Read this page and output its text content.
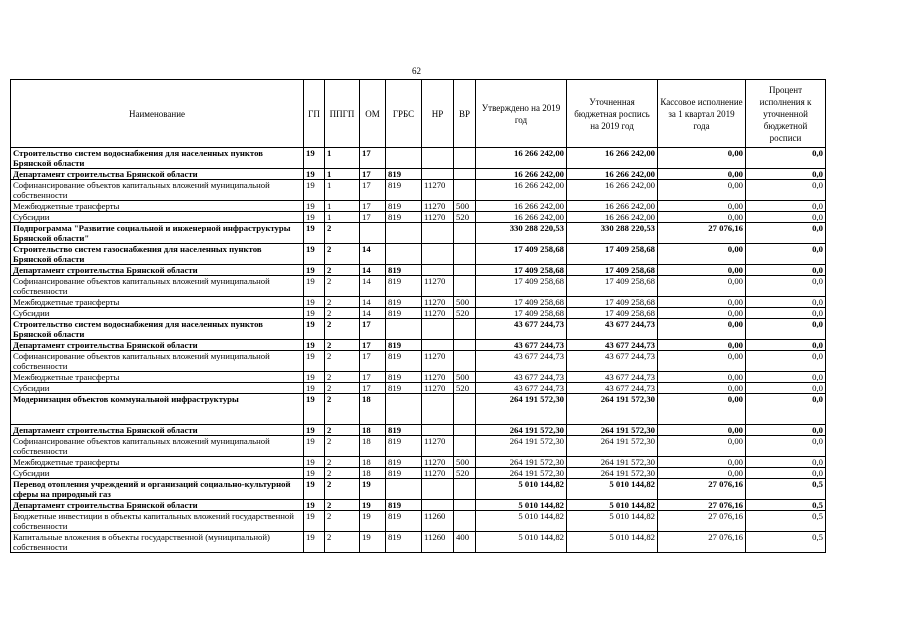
62
Наименование	ГП	ППГП	ОМ	ГРБС	НР	ВР	Утверждено на 2019 год	Уточненная бюджетная роспись на 2019 год	Кассовое исполнение за 1 квартал 2019 года	Процент исполнения к уточненной бюджетной росписи
Строительство систем водоснабжения для населенных пунктов Брянской области	19	1	17				16 266 242,00	16 266 242,00	0,00	0,0
Департамент строительства Брянской области	19	1	17	819			16 266 242,00	16 266 242,00	0,00	0,0
Софинансирование объектов капитальных вложений муниципальной собственности	19	1	17	819	11270		16 266 242,00	16 266 242,00	0,00	0,0
Межбюджетные трансферты	19	1	17	819	11270	500	16 266 242,00	16 266 242,00	0,00	0,0
Субсидии	19	1	17	819	11270	520	16 266 242,00	16 266 242,00	0,00	0,0
Подпрограмма "Развитие социальной и инженерной инфраструктуры Брянской области"	19	2					330 288 220,53	330 288 220,53	27 076,16	0,0
Строительство систем газоснабжения для населенных пунктов Брянской области	19	2	14				17 409 258,68	17 409 258,68	0,00	0,0
Департамент строительства Брянской области	19	2	14	819			17 409 258,68	17 409 258,68	0,00	0,0
Софинансирование объектов капитальных вложений муниципальной собственности	19	2	14	819	11270		17 409 258,68	17 409 258,68	0,00	0,0
Межбюджетные трансферты	19	2	14	819	11270	500	17 409 258,68	17 409 258,68	0,00	0,0
Субсидии	19	2	14	819	11270	520	17 409 258,68	17 409 258,68	0,00	0,0
Строительство систем водоснабжения для населенных пунктов Брянской области	19	2	17				43 677 244,73	43 677 244,73	0,00	0,0
Департамент строительства Брянской области	19	2	17	819			43 677 244,73	43 677 244,73	0,00	0,0
Софинансирование объектов капитальных вложений муниципальной собственности	19	2	17	819	11270		43 677 244,73	43 677 244,73	0,00	0,0
Межбюджетные трансферты	19	2	17	819	11270	500	43 677 244,73	43 677 244,73	0,00	0,0
Субсидии	19	2	17	819	11270	520	43 677 244,73	43 677 244,73	0,00	0,0
Модернизация объектов коммунальной инфраструктуры	19	2	18				264 191 572,30	264 191 572,30	0,00	0,0
Департамент строительства Брянской области	19	2	18	819			264 191 572,30	264 191 572,30	0,00	0,0
Софинансирование объектов капитальных вложений муниципальной собственности	19	2	18	819	11270		264 191 572,30	264 191 572,30	0,00	0,0
Межбюджетные трансферты	19	2	18	819	11270	500	264 191 572,30	264 191 572,30	0,00	0,0
Субсидии	19	2	18	819	11270	520	264 191 572,30	264 191 572,30	0,00	0,0
Перевод отопления учреждений и организаций социально-культурной сферы на природный газ	19	2	19				5 010 144,82	5 010 144,82	27 076,16	0,5
Департамент строительства Брянской области	19	2	19	819			5 010 144,82	5 010 144,82	27 076,16	0,5
Бюджетные инвестиции в объекты капитальных вложений государственной собственности	19	2	19	819	11260		5 010 144,82	5 010 144,82	27 076,16	0,5
Капитальные вложения в объекты государственной (муниципальной) собственности	19	2	19	819	11260	400	5 010 144,82	5 010 144,82	27 076,16	0,5
